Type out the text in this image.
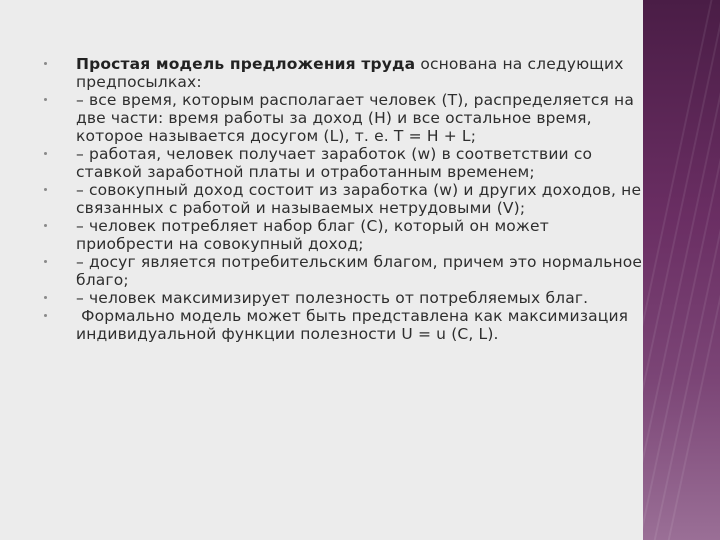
Простая модель предложения труда основана на следующих
предпосылках:
– все время, которым располагает человек (T), распределяется на
две части: время работы за доход (H) и все остальное время,
которое называется досугом (L), т. е. T = H + L;
– работая, человек получает заработок (w) в соответствии со
ставкой заработной платы и отработанным временем;
– совокупный доход состоит из заработка (w) и других доходов, не
связанных с работой и называемых нетрудовыми (V);
– человек потребляет набор благ (C), который он может
приобрести на совокупный доход;
– досуг является потребительским благом, причем это нормальное
благо;
– человек максимизирует полезность от потребляемых благ.
Формально модель может быть представлена как максимизация
индивидуальной функции полезности U = u (C, L).
